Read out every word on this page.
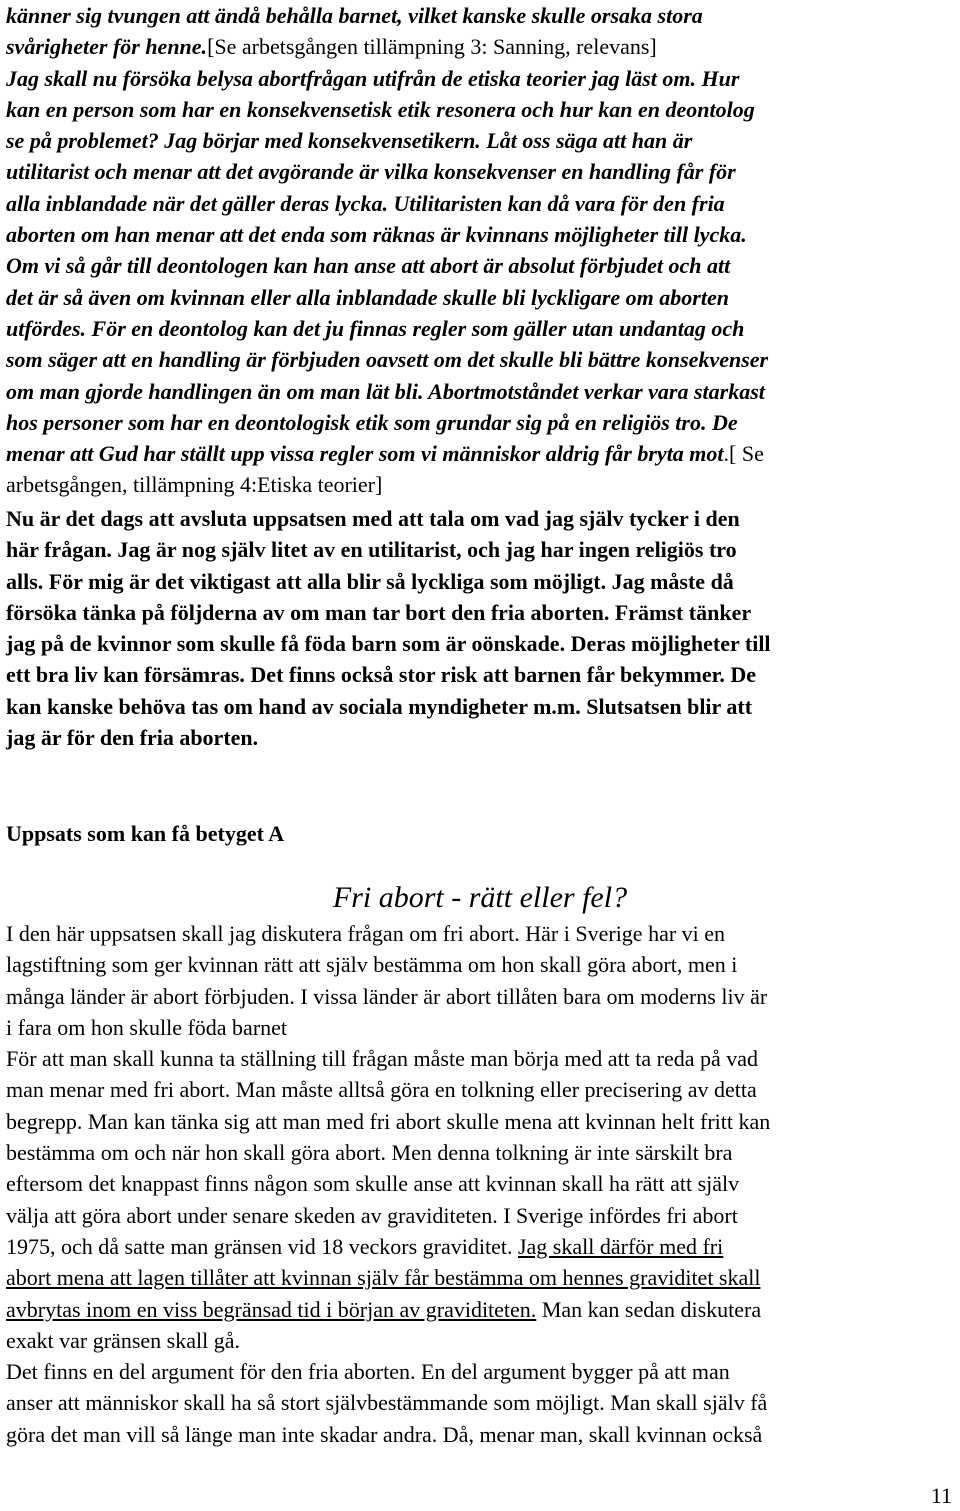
känner sig tvungen att ändå behålla barnet, vilket kanske skulle orsaka stora
svårigheter för henne.[Se arbetsgången tillämpning 3: Sanning, relevans]
Jag skall nu försöka belysa abortfrågan utifrån de etiska teorier jag läst om. Hur
kan en person som har en konsekvensetisk etik resonera och hur kan en deontolog
se på problemet? Jag börjar med konsekvensetikern. Låt oss säga att han är
utilitarist och menar att det avgörande är vilka konsekvenser en handling får för
alla inblandade när det gäller deras lycka. Utilitaristen kan då vara för den fria
aborten om han menar att det enda som räknas är kvinnans möjligheter till lycka.
Om vi så går till deontologen kan han anse att abort är absolut förbjudet och att
det är så även om kvinnan eller alla inblandade skulle bli lyckligare om aborten
utfördes. För en deontolog kan det ju finnas regler som gäller utan undantag och
som säger att en handling är förbjuden oavsett om det skulle bli bättre konsekvenser
om man gjorde handlingen än om man lät bli. Abortmotståndet verkar vara starkast
hos personer som har en deontologisk etik som grundar sig på en religiös tro. De
menar att Gud har ställt upp vissa regler som vi människor aldrig får bryta mot.[ Se
arbetsgången, tillämpning 4:Etiska teorier]
Nu är det dags att avsluta uppsatsen med att tala om vad jag själv tycker i den
här frågan. Jag är nog själv litet av en utilitarist, och jag har ingen religiös tro
alls. För mig är det viktigast att alla blir så lyckliga som möjligt. Jag måste då
försöka tänka på följderna av om man tar bort den fria aborten. Främst tänker
jag på de kvinnor som skulle få föda barn som är oönskade. Deras möjligheter till
ett bra liv kan försämras. Det finns också stor risk att barnen får bekymmer. De
kan kanske behöva tas om hand av sociala myndigheter m.m. Slutsatsen blir att
jag är för den fria aborten.
Uppsats som kan få betyget A
Fri abort - rätt eller fel?
I den här uppsatsen skall jag diskutera frågan om fri abort. Här i Sverige har vi en
lagstiftning som ger kvinnan rätt att själv bestämma om hon skall göra abort, men i
många länder är abort förbjuden. I vissa länder är abort tillåten bara om moderns liv är
i fara om hon skulle föda barnet
För att man skall kunna ta ställning till frågan måste man börja med att ta reda på vad
man menar med fri abort. Man måste alltså göra en tolkning eller precisering av detta
begrepp. Man kan tänka sig att man med fri abort skulle mena att kvinnan helt fritt kan
bestämma om och när hon skall göra abort. Men denna tolkning är inte särskilt bra
eftersom det knappast finns någon som skulle anse att kvinnan skall ha rätt att själv
välja att göra abort under senare skeden av graviditeten. I Sverige infördes fri abort
1975, och då satte man gränsen vid 18 veckors graviditet. Jag skall därför med fri
abort mena att lagen tillåter att kvinnan själv får bestämma om hennes graviditet skall
avbrytas inom en viss begränsad tid i början av graviditeten. Man kan sedan diskutera
exakt var gränsen skall gå.
Det finns en del argument för den fria aborten. En del argument bygger på att man
anser att människor skall ha så stort självbestämmande som möjligt. Man skall själv få
göra det man vill så länge man inte skadar andra. Då, menar man, skall kvinnan också
11
